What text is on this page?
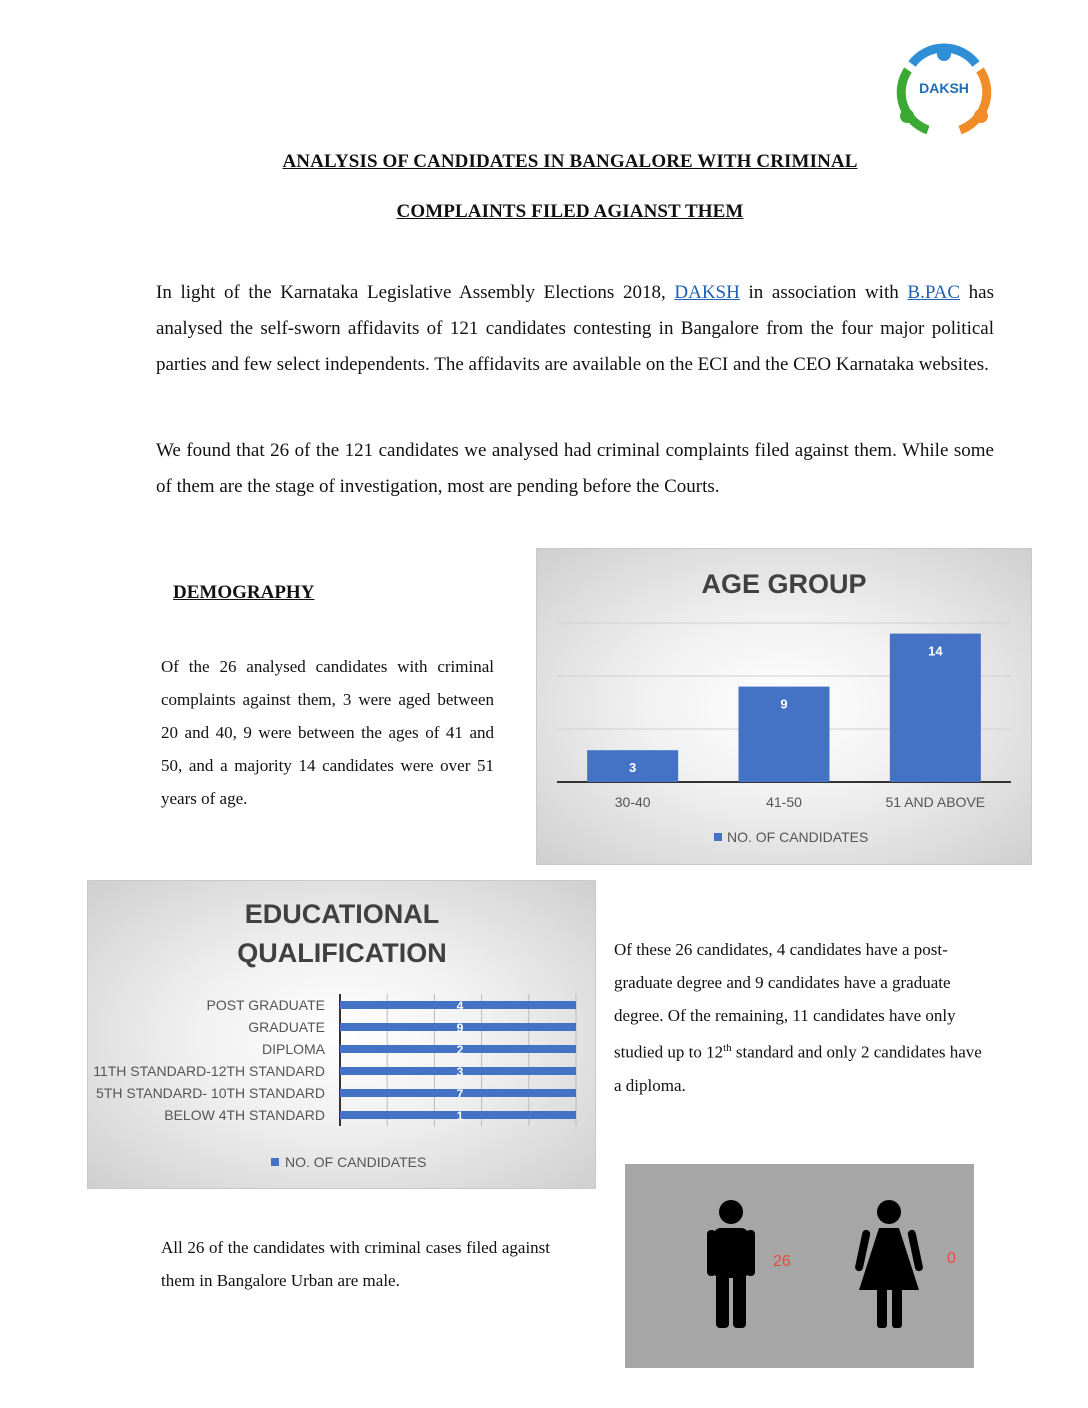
DAKSH
ANALYSIS OF CANDIDATES IN BANGALORE WITH CRIMINAL
COMPLAINTS FILED AGIANST THEM
In light of the Karnataka Legislative Assembly Elections 2018, DAKSH in association with B.PAC has analysed the self-sworn affidavits of 121 candidates contesting in Bangalore from the four major political parties and few select independents. The affidavits are available on the ECI and the CEO Karnataka websites.
We found that 26 of the 121 candidates we analysed had criminal complaints filed against them. While some of them are the stage of investigation, most are pending before the Courts.
DEMOGRAPHY
Of the 26 analysed candidates with criminal complaints against them, 3 were aged between 20 and 40, 9 were between the ages of 41 and 50, and a majority 14 candidates were over 51 years of age.
AGE GROUP
3
30-40
9
41-50
14
51 AND ABOVE
NO. OF CANDIDATES
EDUCATIONAL
QUALIFICATION
4
POST GRADUATE
9
GRADUATE
2
DIPLOMA
3
11TH STANDARD-12TH STANDARD
7
5TH STANDARD- 10TH STANDARD
1
BELOW 4TH STANDARD
NO. OF CANDIDATES
Of these 26 candidates, 4 candidates have a post-graduate degree and 9 candidates have a graduate degree. Of the remaining, 11 candidates have only studied up to 12th standard and only 2 candidates have a diploma.
All 26 of the candidates with criminal cases filed against them in Bangalore Urban are male.
26	0
